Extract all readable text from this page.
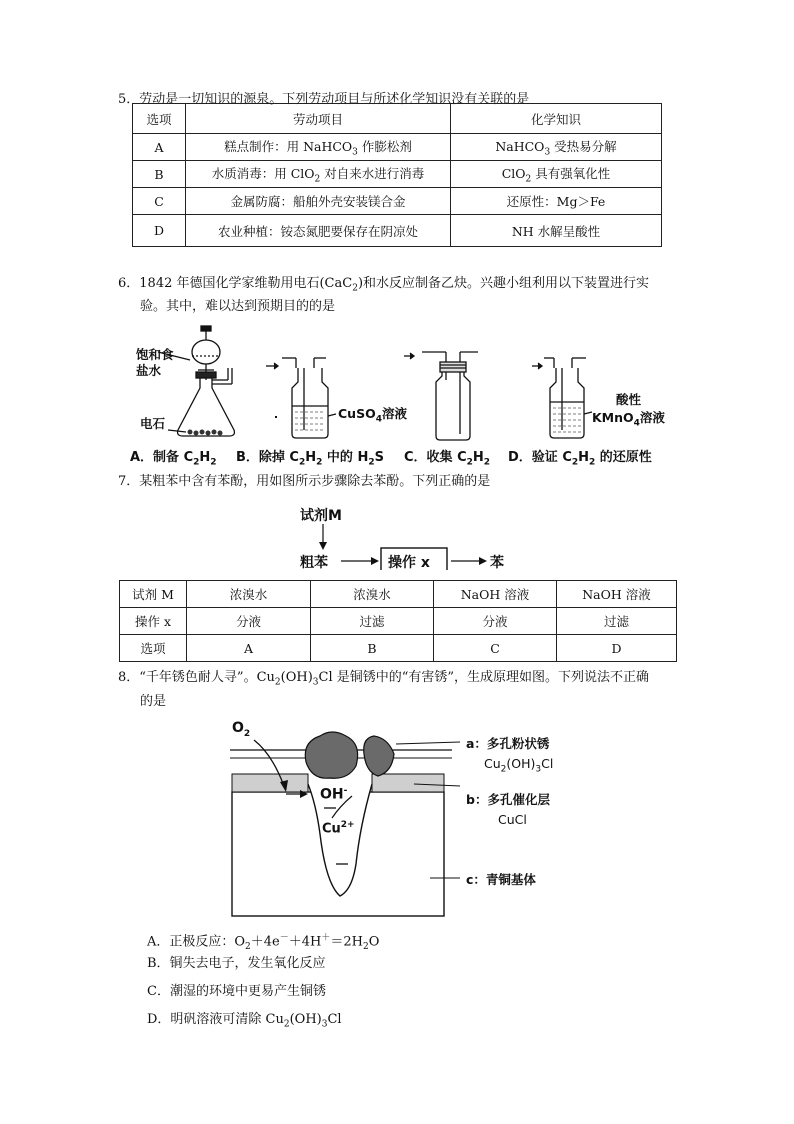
5．劳动是一切知识的源泉。下列劳动项目与所述化学知识没有关联的是
选项	劳动项目	化学知识
A	糕点制作：用 NaHCO$_3$ 作膨松剂	NaHCO$_3$ 受热易分解
B	水质消毒：用 ClO$_2$ 对自来水进行消毒	ClO$_2$ 具有强氧化性
C	金属防腐：船舶外壳安装镁合金	还原性：Mg＞Fe
D	农业种植：铵态氮肥要保存在阴凉处	NH 水解呈酸性
6．1842 年德国化学家维勒用电石(CaC$_2$)和水反应制备乙炔。兴趣小组利用以下装置进行实
验。其中，难以达到预期目的的是
饱和食
盐水
电石
CuSO$_4$溶液
酸性
KMnO$_4$溶液
A．制备 $C_2H_2$ B．除掉 $C_2H_2$ 中的 $H_2S$ C．收集 $C_2H_2$ D．验证 $C_2H_2$ 的还原性
7．某粗苯中含有苯酚，用如图所示步骤除去苯酚。下列正确的是
试剂M
粗苯	操作 x	苯
试剂 M	浓溴水	浓溴水	NaOH 溶液	NaOH 溶液
操作 x	分液	过滤	分液	过滤
选项	A	B	C	D
8．“千年锈色耐人寻”。$Cu_2(OH)_3Cl$ 是铜锈中的“有害锈”，生成原理如图。下列说法不正确
的是
$O_2$
OH-
$Cu^{2+}$
a：多孔粉状锈
$Cu_2(OH)_3Cl$
b：多孔催化层
CuCl
c：青铜基体
A．正极反应：$O_2+4e^-+4H^+=2H_2O$
B．铜失去电子，发生氧化反应
C．潮湿的环境中更易产生铜锈
D．明矾溶液可清除 $Cu_2(OH)_3Cl$
